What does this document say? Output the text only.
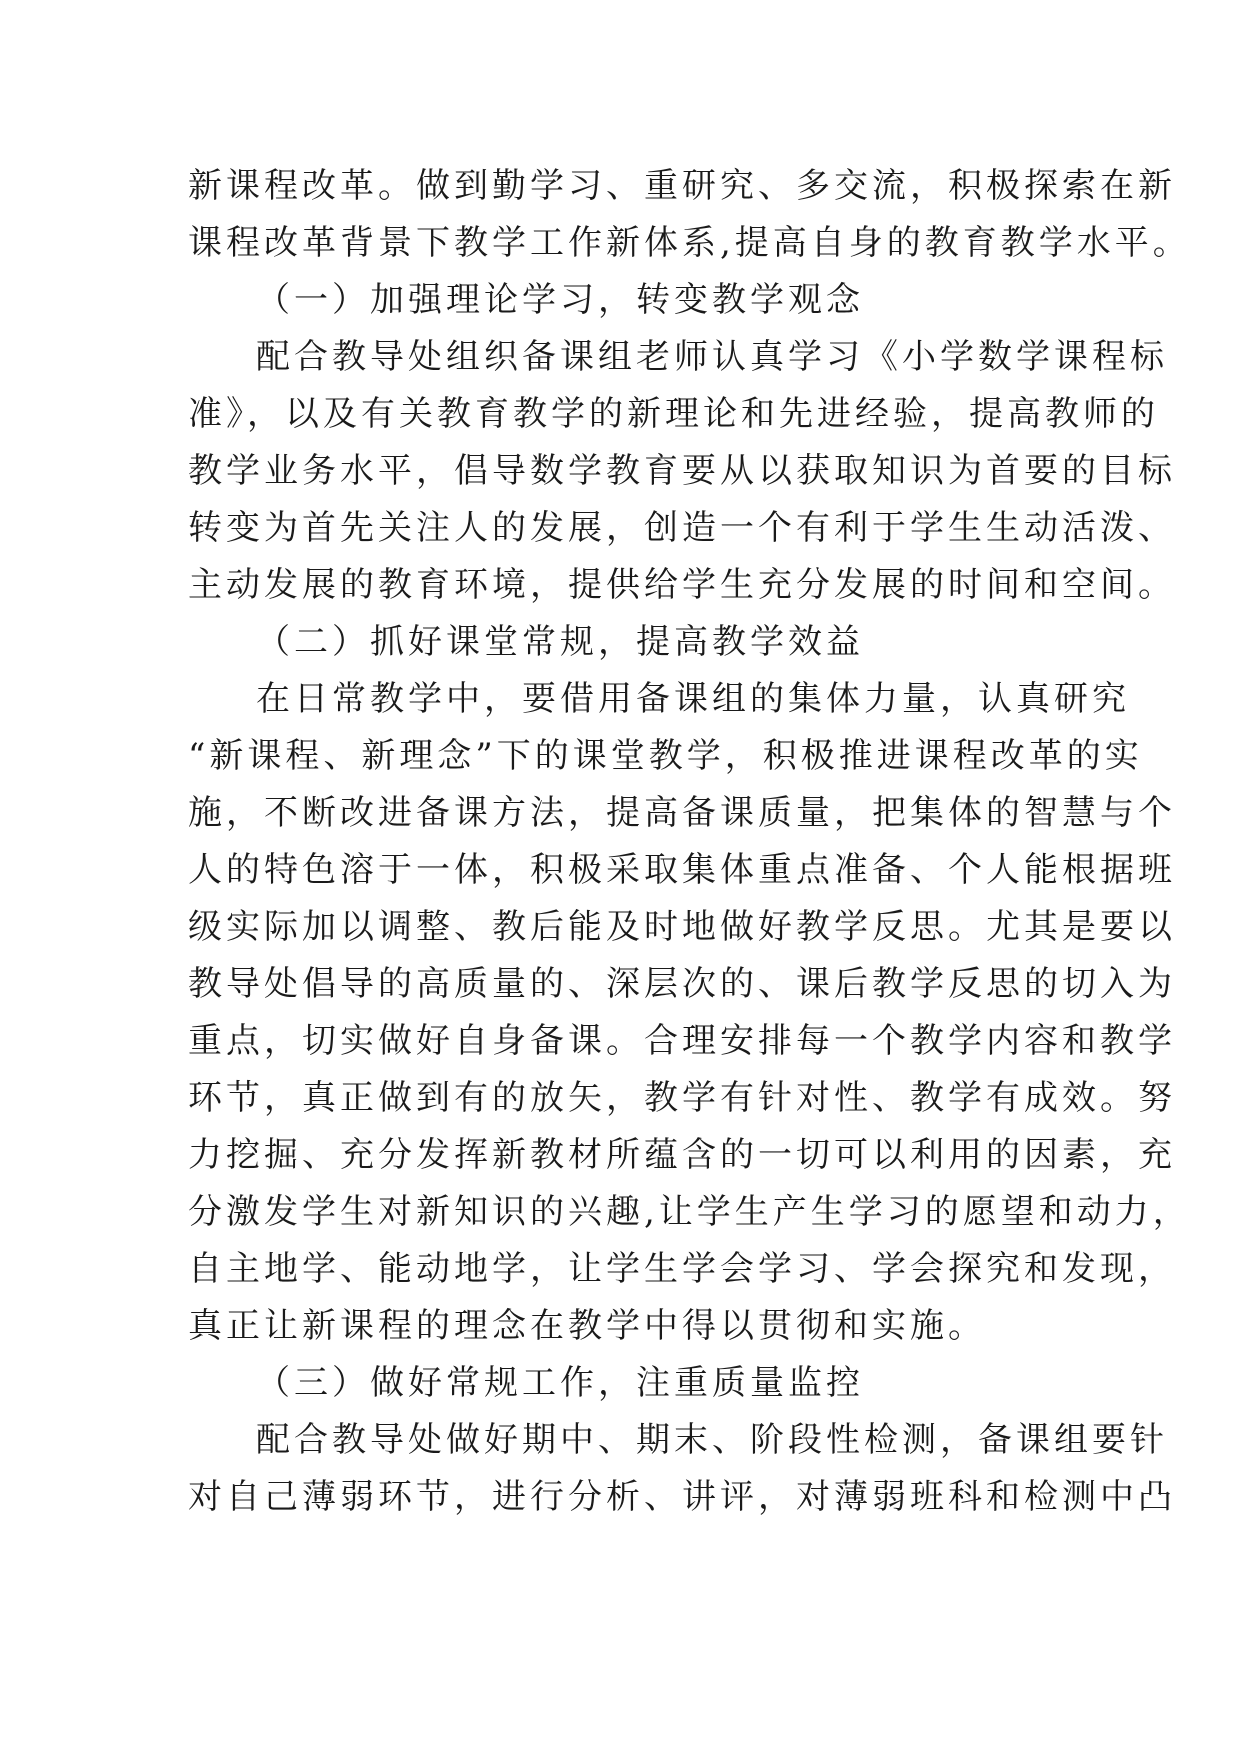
新课程改革。做到勤学习、重研究、多交流，积极探索在新
课程改革背景下教学工作新体系,提高自身的教育教学水平。
（一）加强理论学习，转变教学观念
配合教导处组织备课组老师认真学习《小学数学课程标
准》，以及有关教育教学的新理论和先进经验，提高教师的
教学业务水平，倡导数学教育要从以获取知识为首要的目标
转变为首先关注人的发展，创造一个有利于学生生动活泼、
主动发展的教育环境，提供给学生充分发展的时间和空间。
（二）抓好课堂常规，提高教学效益
在日常教学中，要借用备课组的集体力量，认真研究
“新课程、新理念”下的课堂教学，积极推进课程改革的实
施，不断改进备课方法，提高备课质量，把集体的智慧与个
人的特色溶于一体，积极采取集体重点准备、个人能根据班
级实际加以调整、教后能及时地做好教学反思。尤其是要以
教导处倡导的高质量的、深层次的、课后教学反思的切入为
重点，切实做好自身备课。合理安排每一个教学内容和教学
环节，真正做到有的放矢，教学有针对性、教学有成效。努
力挖掘、充分发挥新教材所蕴含的一切可以利用的因素，充
分激发学生对新知识的兴趣,让学生产生学习的愿望和动力，
自主地学、能动地学，让学生学会学习、学会探究和发现，
真正让新课程的理念在教学中得以贯彻和实施。
（三）做好常规工作，注重质量监控
配合教导处做好期中、期末、阶段性检测，备课组要针
对自己薄弱环节，进行分析、讲评，对薄弱班科和检测中凸
